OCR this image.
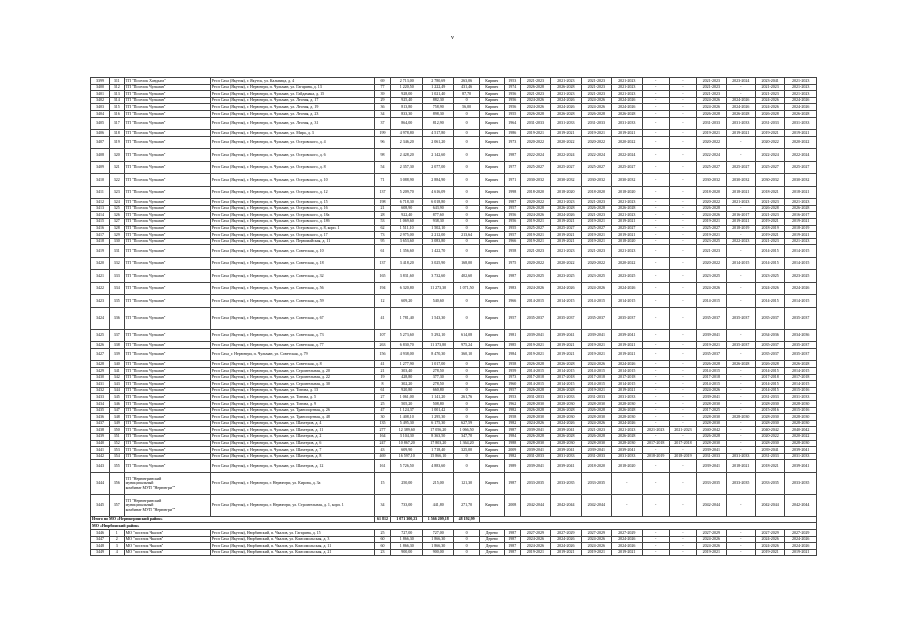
v
3399	311	ТП "Поселок Хандыга"	Респ Саха (Якутия), г. Якутск, ул. Кальвица, д. 4	69	2 713,00	2 780,69	263,06	Кирпич	1953	2021-2023	2021-2023	2021-2023	2021-2023	-	-	2021-2023	2023-2024	2023-2041	2021-2023
3400	312	ТП "Поселок Чульман"	Респ Саха (Якутия), г. Нерюнгри, п. Чульман, ул. Гагарина, д. 13	77	1 220,50	1 222,49	431,46	Кирпич	1974	2026-2028	2026-2028	2021-2023	2021-2023	-	-	2021-2023	-	2021-2023	2021-2023
3401	313	ТП "Поселок Чульман"	Респ Саха (Якутия), г. Нерюнгри, п. Чульман, ул. Гайдамака, д. 15	39	928,00	1 021,40	87,70	Кирпич	1956	2021-2023	2021-2023	2021-2023	2021-2023	-	-	2021-2023	-	2021-2023	2021-2023
3402	314	ТП "Поселок Чульман"	Респ Саха (Якутия), г. Нерюнгри, п. Чульман, ул. Лесная, д. 17	29	925,40	882,30	0	Кирпич	1956	2024-2026	2024-2026	2024-2026	2024-2026	-	-	2024-2026	2024-2026	2024-2026	2024-2026
3403	315	ТП "Поселок Чульман"	Респ Саха (Якутия), г. Нерюнгри, п. Чульман, ул. Лесная, д. 19	36	813,80	758,90	56,00	Кирпич	1956	2024-2026	2024-2026	2024-2026	2024-2026	-	-	2024-2026	2024-2026	2024-2026	2024-2026
3404	316	ТП "Поселок Чульман"	Респ Саха (Якутия), г. Нерюнгри, п. Чульман, ул. Лесная, д. 23	34	833,30	898,30	0	Кирпич	1955	2026-2028	2026-2028	2026-2028	2026-2028	-	-	2026-2028	2026-2028	2026-2028	2026-2028
3405	317	ТП "Поселок Чульман"	Респ Саха (Якутия), г. Нерюнгри, п. Чульман, ул. Лесная, д. 31	37	864,00	812,90	0	Кирпич	1964	2031-2033	2031-2033	2031-2033	2031-2033	-	-	2031-2033	2031-2033	2031-2033	2031-2033
3406	318	ТП "Поселок Чульман"	Респ Саха (Якутия), г. Нерюнгри, п. Чульман, ул. Мира, д. 3	199	4 978,80	4 517,80	0	Кирпич	1986	2019-2021	2019-2021	2019-2021	2019-2021	-	-	2019-2021	2019-2021	2019-2021	2019-2021
3407	319	ТП "Поселок Чульман"	Респ Саха (Якутия), г. Нерюнгри, п. Чульман, ул. Островского, д. 4	96	2 346,20	2 061,20	0	Кирпич	1973	2020-2022	2020-2022	2020-2022	2020-2022	-	-	2020-2022	-	2020-2022	2020-2022
3408	320	ТП "Поселок Чульман"	Респ Саха (Якутия), г. Нерюнгри, п. Чульман, ул. Островского, д. 6	98	2 428,20	2 142,60	0	Кирпич	1987	2022-2024	2022-2024	2022-2024	2022-2024	-	-	2022-2024	-	2022-2024	2022-2024
3409	321	ТП "Поселок Чульман"	Респ Саха (Якутия), г. Нерюнгри, п. Чульман, ул. Островского, д. 8	54	2 357,30	2 077,00	0	Кирпич	1977	2025-2027	2025-2027	2025-2027	2025-2027	-	-	2025-2027	2025-2027	2025-2027	2025-2027
3410	322	ТП "Поселок Чульман"	Респ Саха (Якутия), г. Нерюнгри, п. Чульман, ул. Островского, д. 10	71	3 088,90	2 884,90	0	Кирпич	1971	2030-2032	2030-2032	2030-2032	2030-2032	-	-	2030-2032	2030-2032	2030-2032	2030-2032
3411	323	ТП "Поселок Чульман"	Респ Саха (Якутия), г. Нерюнгри, п. Чульман, ул. Островского, д. 12	137	5 209,70	4 616,09	0	Кирпич	1998	2018-2020	2018-2020	2018-2020	2018-2020	-	-	2018-2020	2018-2021	2018-2021	2018-2021
3412	324	ТП "Поселок Чульман"	Респ Саха (Якутия), г. Нерюнгри, п. Чульман, ул. Островского, д. 15	198	6 718,30	6 018,80	0	Кирпич	1987	2020-2022	2021-2023	2021-2023	2021-2023	-	-	2020-2022	2021-2023	2021-2023	2021-2023
3413	325	ТП "Поселок Чульман"	Респ Саха (Якутия), г. Нерюнгри, п. Чульман, ул. Островского, д. 16	21	608,90	643,90	0	Кирпич	1957	2026-2028	2026-2028	2026-2028	2026-2028	-	-	2026-2028	-	2026-2028	2026-2028
3414	326	ТП "Поселок Чульман"	Респ Саха (Якутия), г. Нерюнгри, п. Чульман, ул. Островского, д. 18а	28	922,40	877,60	0	Кирпич	1956	2024-2026	2024-2026	2021-2023	2021-2023	-	-	2024-2026	2016-2017	2021-2023	2016-2017
3415	327	ТП "Поселок Чульман"	Респ Саха (Якутия), г. Нерюнгри, п. Чульман, ул. Островского, д. 18б	53	1 069,60	938,30	0	Кирпич	1956	2019-2021	2019-2021	2019-2021	2019-2021	-	-	2019-2021	2019-2021	2019-2021	2019-2021
3416	328	ТП "Поселок Чульман"	Респ Саха (Якутия), г. Нерюнгри, п. Чульман, ул. Островского, д. 8, корп. 1	62	1 511,10	1 502,10	0	Кирпич	1955	2025-2027	2025-2027	2025-2027	2025-2027	-	-	2025-2027	2018-2019	2018-2019	2018-2019
3417	329	ТП "Поселок Чульман"	Респ Саха (Якутия), г. Нерюнгри, п. Чульман, ул. Островского, д. 17	73	2 975,00	2 212,00	213,64	Кирпич	1957	2019-2021	2019-2021	2019-2021	2019-2021	-	-	2019-2021	-	2019-2021	2019-2021
3418	330	ТП "Поселок Чульман"	Респ Саха (Якутия), г. Нерюнгри, п. Чульман, ул. Первомайская, д. 11	95	3 653,60	3 083,80	0	Кирпич	1966	2019-2021	2019-2021	2019-2021	2018-2020	-	-	2023-2025	2022-2023	2021-2023	2021-2023
3419	331	ТП "Поселок Чульман"	Респ Саха (Якутия), г. Нерюнгри, п. Чульман, ул. Советская, д. 10	61	1 356,60	1 422,70	0	Кирпич	1958	2021-2023	2021-2023	2021-2023	2021-2023	-	-	2021-2023	-	2014-2015	2014-2015
3420	332	ТП "Поселок Чульман"	Респ Саха (Якутия), г. Нерюнгри, п. Чульман, ул. Советская, д. 18	137	3 418,20	3 025,90	168,00	Кирпич	1975	2020-2022	2020-2022	2020-2022	2020-2022	-	-	2020-2022	2014-2015	2014-2015	2014-2015
3421	333	ТП "Поселок Чульман"	Респ Саха (Якутия), г. Нерюнгри, п. Чульман, ул. Советская, д. 32	165	3 831,60	3 732,60	402,60	Кирпич	1987	2023-2025	2023-2025	2023-2025	2023-2025	-	-	2023-2025	-	2023-2025	2023-2025
3422	334	ТП "Поселок Чульман"	Респ Саха (Якутия), г. Нерюнгри, п. Чульман, ул. Советская, д. 56	194	6 320,80	11 273,30	1 071,50	Кирпич	1983	2024-2026	2024-2026	2024-2026	2024-2026	-	-	2024-2026	-	2024-2026	2024-2026
3423	335	ТП "Поселок Чульман"	Респ Саха (Якутия), г. Нерюнгри, п. Чульман, ул. Советская, д. 59	12	609,20	540,60	0	Кирпич	1966	2014-2015	2014-2015	2014-2015	2014-2015	-	-	2014-2015	-	2014-2015	2014-2015
3424	336	ТП "Поселок Чульман"	Респ Саха (Якутия), г. Нерюнгри, п. Чульман, ул. Советская, д. 67	41	1 781,40	1 543,30	0	Кирпич	1957	2035-2037	2035-2037	2035-2037	2035-2037	-	-	2035-2037	2035-2037	2035-2037	2035-2037
3425	337	ТП "Поселок Чульман"	Респ Саха (Якутия), г. Нерюнгри, п. Чульман, ул. Советская, д. 73	107	5 273,60	5 292,10	614,08	Кирпич	1981	2039-2041	2039-2041	2039-2041	2039-2041	-	-	2039-2041	-	2034-2036	2034-2036
3426	338	ТП "Поселок Чульман"	Респ Саха (Якутия), г. Нерюнгри, п. Чульман, ул. Советская, д. 77	263	6 830,70	11 373,80	975,24	Кирпич	1985	2019-2021	2019-2021	2019-2021	2019-2021	-	-	2019-2021	2035-2037	2035-2037	2035-2037
3427	339	ТП "Поселок Чульман"	Респ Саха_г. Нерюнгри, п. Чульман, ул. Советская, д. 79	156	4 938,00	8 470,30	360,10	Кирпич	1984	2019-2021	2019-2021	2019-2021	2019-2021	-	-	2035-2037	-	2035-2037	2035-2037
3428	340	ТП "Поселок Чульман"	Респ Саха (Якутия), г. Нерюнгри, п. Чульман, ул. Советская, д. 8	41	1 277,90	1 017,00	0	Кирпич	1958	2026-2028	2026-2028	2024-2026	2024-2026	-	-	2026-2028	2026-2028	2026-2028	2026-2028
3429	341	ТП "Поселок Чульман"	Респ Саха (Якутия), г. Нерюнгри, п. Чульман, ул. Строительная, д. 20	21	303,40	278,50	0	Кирпич	1959	2014-2015	2014-2015	2014-2015	2014-2015	-	-	2014-2015	-	2014-2015	2014-2015
3430	342	ТП "Поселок Чульман"	Респ Саха (Якутия), г. Нерюнгри, п. Чульман, ул. Строительная, д. 22	19	428,80	377,30	0	Кирпич	1973	2017-2018	2017-2018	2017-2018	2017-2018	-	-	2017-2018	-	2017-2018	2017-2018
3431	343	ТП "Поселок Чульман"	Респ Саха (Якутия), г. Нерюнгри, п. Чульман, ул. Строительная, д. 30	8	302,20	278,50	0	Кирпич	1960	2014-2015	2014-2015	2014-2015	2014-2015	-	-	2014-2015	-	2014-2015	2014-2015
3432	344	ТП "Поселок Чульман"	Респ Саха (Якутия), г. Нерюнгри, п. Чульман, ул. Титова, д. 13	61	920,80	660,80	0	Кирпич	1957	2026-2028	2026-2028	2019-2021	2019-2021	-	-	2024-2026	-	2014-2015	2015-2016
3433	345	ТП "Поселок Чульман"	Респ Саха (Якутия), г. Нерюнгри, п. Чульман, ул. Титова, д. 5	27	1 061,00	1 141,20	261,76	Кирпич	1953	2031-2033	2031-2033	2031-2033	2031-2033	-	-	2039-2041	-	2031-2033	2031-2033
3434	346	ТП "Поселок Чульман"	Респ Саха (Якутия), г. Нерюнгри, п. Чульман, ул. Титова, д. 9	25	505,20	508,80	0	Кирпич	1962	2028-2030	2028-2030	2028-2030	2028-2030	-	-	2028-2030	-	2028-2030	2028-2030
3435	347	ТП "Поселок Чульман"	Респ Саха (Якутия), г. Нерюнгри, п. Чульман, ул. Транспортная, д. 26	47	1 124,37	1 001,42	0	Кирпич	1982	2026-2028	2026-2028	2026-2028	2026-2028	-	-	2017-2025	-	2015-2016	2015-2016
3436	348	ТП "Поселок Чульман"	Респ Саха (Якутия), г. Нерюнгри, п. Чульман, ул. Транспортная, д. 48	30	1 408,10	1 295,30	0	Кирпич	1958	2028-2030	2028-2030	2028-2030	2028-2030	-	-	2028-2030	2028-2030	2028-2030	2028-2030
3437	349	ТП "Поселок Чульман"	Респ Саха (Якутия), г. Нерюнгри, п. Чульман, ул. Шахтеров, д. 4	135	5 495,30	6 175,30	627,59	Кирпич	1982	2024-2026	2024-2026	2024-2026	2024-2026	-	-	2028-2030	-	2028-2030	2028-2030
3438	350	ТП "Поселок Чульман"	Респ Саха (Якутия), г. Нерюнгри, п. Чульман, ул. Шахтеров, д. 11	277	12 389,60	17 056,20	1 066,50	Кирпич	1987	2039-2041	2039-2041	2021-2023	2021-2023	2021-2023	2021-2023	2040-2042	-	2040-2042	2040-2042
3439	351	ТП "Поселок Чульман"	Респ Саха (Якутия), г. Нерюнгри, п. Чульман, ул. Шахтеров, д. 2	164	3 104,30	8 363,50	347,70	Кирпич	1984	2026-2028	2026-2028	2026-2028	2026-2028	-	-	2026-2028	-	2020-2022	2020-2022
3440	352	ТП "Поселок Чульман"	Респ Саха (Якутия), г. Нерюнгри, п. Чульман, ул. Шахтеров, д. 6	247	10 867,20	17 803,20	1 364,20	Кирпич	1988	2028-2030	2028-2030	2028-2030	2028-2030	2017-2018	2017-2018	2028-2030	-	2028-2030	2028-2030
3441	353	ТП "Поселок Чульман"	Респ Саха (Якутия), г. Нерюнгри, п. Чульман, ул. Шахтеров, д. 7	43	609,90	1 718,40	325,00	Кирпич	2009	2039-2041	2039-2041	2039-2041	2039-2041	-	-	2039-2041	-	2039-2041	2039-2041
3442	354	ТП "Поселок Чульман"	Респ Саха (Якутия), г. Нерюнгри, п. Чульман, ул. Шахтеров, д. 8	469	16 597,10	15 866,10	0	Кирпич	1982	2031-2033	2031-2033	2031-2033	2031-2033	2018-2019	2018-2019	2031-2033	2031-2033	2031-2033	2031-2033
3443	355	ТП "Поселок Чульман"	Респ Саха (Якутия), г. Нерюнгри, п. Чульман, ул. Шахтеров, д. 12	161	5 726,50	4 883,60	0	Кирпич	1989	2039-2041	2039-2041	2018-2020	2018-2020	-	-	2039-2041	2018-2021	2018-2021	2039-2041
3444	356	ТП "Нерюнгринский
муниципальный
комбинат МУП "Нерюнгри""	Респ Саха (Якутия), г. Нерюнгри, г. Нерюнгри, ул. Кирова, д. 3а	15	250,00	215,00	121,30	Кирпич	1987	2033-2035	2033-2035	2033-2035	-	-	-	2033-2035	2033-2035	2033-2035	2033-2035
3445	357	ТП "Нерюнгринский
муниципальный
комбинат МУП "Нерюнгри""	Респ Саха (Якутия), г. Нерюнгри, г. Нерюнгри, ул. Строительная, д. 1, корп. 1	34	733,00	441,80	271,70	Кирпич	2008	2042-2044	2042-2044	2042-2044	-	-	-	2042-2044	-	2042-2044	2042-2044
Итого по МО «Нерюнгринский район»				61 812	1 071 300,23	1 566 209,18	48 192,99												
МО «Нюрбинский район»																			
3446	1	МО "поселок Чкалов"	Респ Саха (Якутия), Нюрбинский, п. Чкалов, ул. Гагарина, д. 15	25	727,00	727,00	0	Дерево	1987	2027-2029	2027-2029	2027-2029	2027-2029	-	-	2027-2029	-	2027-2029	2027-2029
3447	2	МО "поселок Чкалов"	Респ Саха (Якутия), Нюрбинский, п. Чкалов, ул. Комсомольская, д. 3	60	1 866,30	1 866,30	0	Дерево	1987	2024-2026	2024-2026	2024-2026	2024-2026	-	-	2024-2026	-	2024-2026	2024-2026
3448	3	МО "поселок Чкалов"	Респ Саха (Якутия), Нюрбинский, п. Чкалов, ул. Комсомольская, д. 11	60	1 866,30	1 866,30	0	Дерево	1987	2024-2026	2024-2026	2024-2026	2024-2026	-	-	2024-2026	-	2024-2026	2024-2026
3449	4	МО "поселок Чкалов"	Респ Саха (Якутия), Нюрбинский, п. Чкалов, ул. Комсомольская, д. 21	23	900,00	900,00	0	Дерево	1987	2019-2021	2019-2021	2019-2021	2019-2021	-	-	2019-2021	-	2019-2021	2019-2021
